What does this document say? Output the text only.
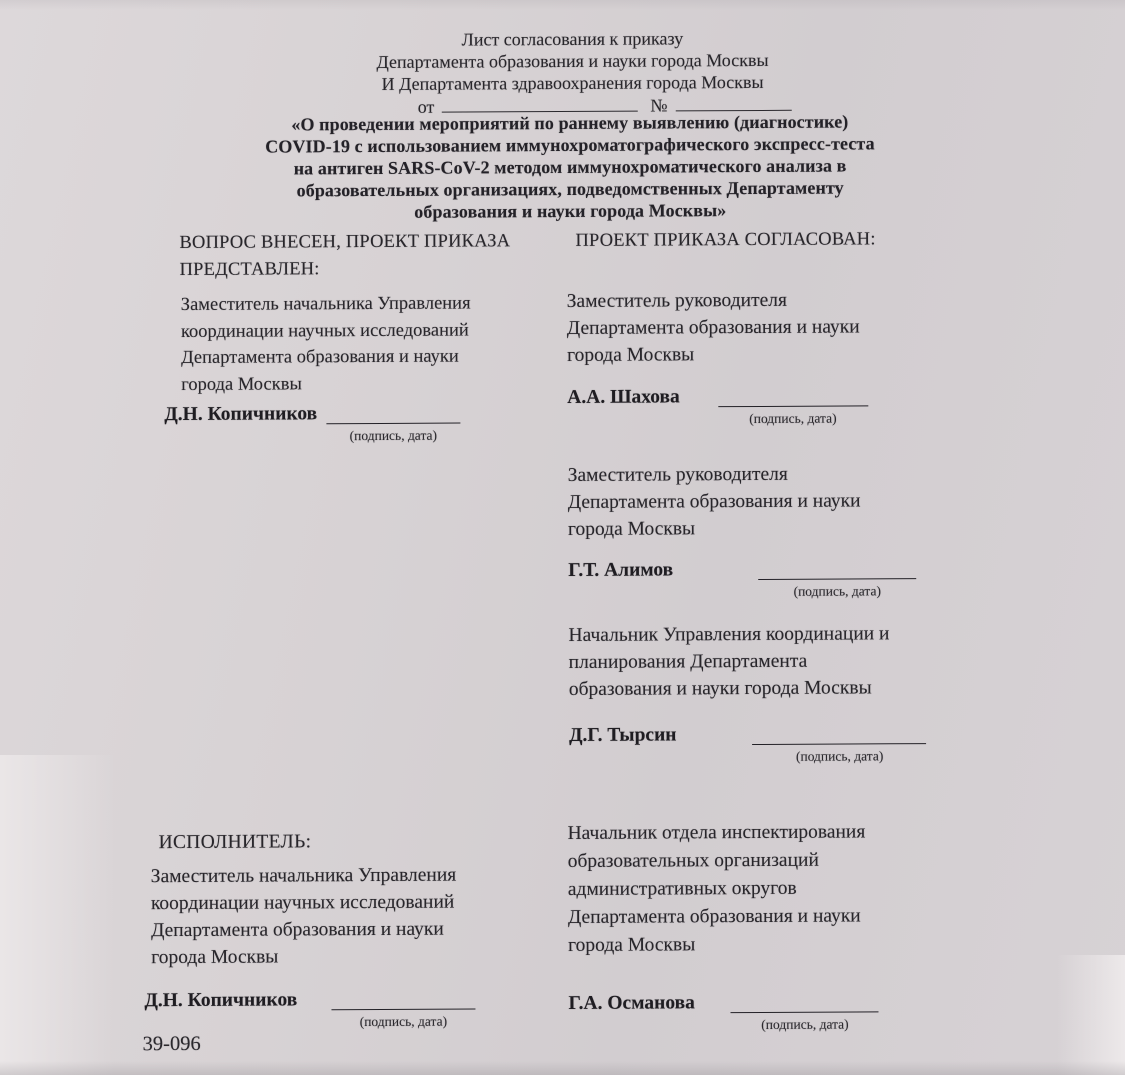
Лист согласования к приказу
Департамента образования и науки города Москвы
И Департамента здравоохранения города Москвы
от	№
«О проведении мероприятий по раннему выявлению (диагностике)
COVID-19 с использованием иммунохроматографического экспресс-теста
на антиген SARS-CoV-2 методом иммунохроматического анализа в
образовательных организациях, подведомственных Департаменту
образования и науки города Москвы»
ВОПРОС ВНЕСЕН, ПРОЕКТ ПРИКАЗА
ПРЕДСТАВЛЕН:
ПРОЕКТ ПРИКАЗА СОГЛАСОВАН:
Заместитель начальника Управления
координации научных исследований
Департамента образования и науки
города Москвы
Д.Н. Копичников
(подпись, дата)
Заместитель руководителя
Департамента образования и науки
города Москвы
А.А. Шахова
(подпись, дата)
Заместитель руководителя
Департамента образования и науки
города Москвы
Г.Т. Алимов
(подпись, дата)
Начальник Управления координации и
планирования Департамента
образования и науки города Москвы
Д.Г. Тырсин
(подпись, дата)
ИСПОЛНИТЕЛЬ:
Заместитель начальника Управления
координации научных исследований
Департамента образования и науки
города Москвы
Д.Н. Копичников
(подпись, дата)
39-096
Начальник отдела инспектирования
образовательных организаций
административных округов
Департамента образования и науки
города Москвы
Г.А. Османова
(подпись, дата)
